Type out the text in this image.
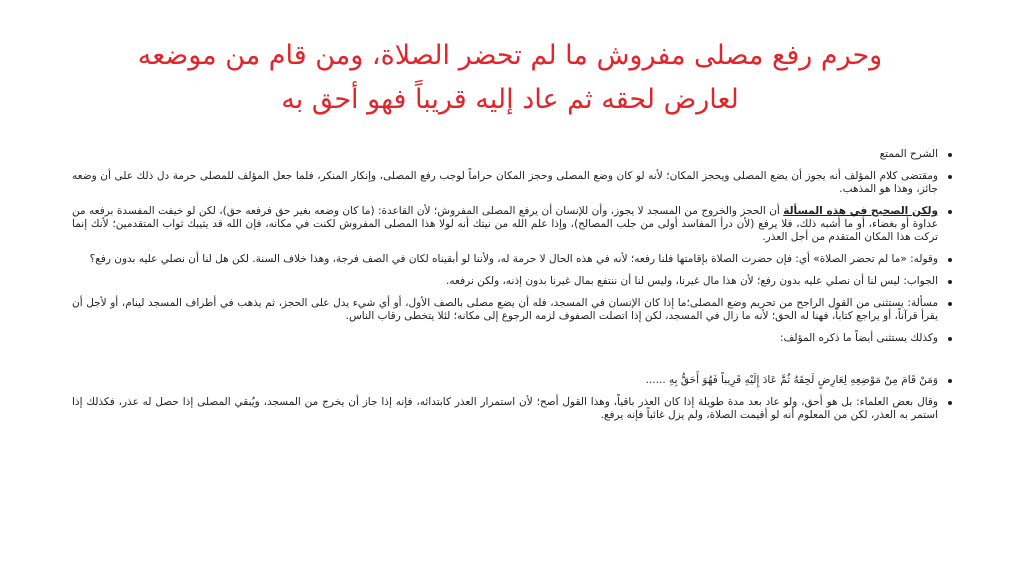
وحرم رفع مصلى مفروش ما لم تحضر الصلاة، ومن قام من موضعه
لعارض لحقه ثم عاد إليه قريباً فهو أحق به
الشرح الممتع
ومقتضى كلام المؤلف أنه يجوز أن يضع المصلى ويحجز المكان؛ لأنه لو كان وضع المصلى وحجز المكان حراماً لوجب رفع المصلى، وإنكار المنكر، فلما جعل المؤلف للمصلى حرمة دل ذلك على أن وضعه جائز، وهذا هو المذهب.
ولكن الصحيح في هذه المسألة أن الحجز والخروج من المسجد لا يجوز، وأن للإنسان أن يرفع المصلى المفروش؛ لأن القاعدة: (ما كان وضعه بغير حق فرفعه حق)، لكن لو خيفت المفسدة برفعه من عداوة أو بغضاء، أو ما أشبه ذلك، فلا يرفع (لأن درأ المفاسد أولى من جلب المصالح)، وإذا علم الله من نيتك أنه لولا هذا المصلى المفروش لكنت في مكانه، فإن الله قد يثيبك ثواب المتقدمين؛ لأنك إنما تركت هذا المكان المتقدم من أجل العذر.
وقوله: «ما لم تحضر الصلاة» أي: فإن حضرت الصلاة بإقامتها فلنا رفعه؛ لأنه في هذه الحال لا حرمة له، ولأننا لو أبقيناه لكان في الصف فرجة، وهذا خلاف السنة. لكن هل لنا أن نصلي عليه بدون رفع؟
الجواب: ليس لنا أن نصلي عليه بدون رفع؛ لأن هذا مال غيرنا، وليس لنا أن ننتفع بمال غيرنا بدون إذنه، ولكن نرفعه.
مسألة: يستثنى من القول الراجح من تحريم وضع المصلى؛ما إذا كان الإنسان في المسجد، فله أن يضع مصلى بالصف الأول، أو أي شيء يدل على الحجز، ثم يذهب في أطراف المسجد لينام، أو لأجل أن يقرأ قرآناً، أو يراجع كتاباً، فهنا له الحق؛ لأنه ما زال في المسجد، لكن إذا اتصلت الصفوف لزمه الرجوع إلى مكانه؛ لئلا يتخطى رقاب الناس.
وكذلك يستثنى أيضاً ما ذكره المؤلف:
وَمَنْ قَامَ مِنْ مَوْضِعِهِ لِعَارِضٍ لَحِقَهُ ثُمَّ عَادَ إِلَيْهِ قَرِيباً فَهُوَ أَحَقُّ بِهِ ......
وقال بعض العلماء: بل هو أحق، ولو عاد بعد مدة طويلة إذا كان العذر باقياً، وهذا القول أصح؛ لأن استمرار العذر كابتدائه، فإنه إذا جاز أن يخرج من المسجد، ويُبقي المصلى إذا حصل له عذر، فكذلك إذا استمر به العذر، لكن من المعلوم أنه لو أقيمت الصلاة، ولم يزل غائباً فإنه يرفع.
